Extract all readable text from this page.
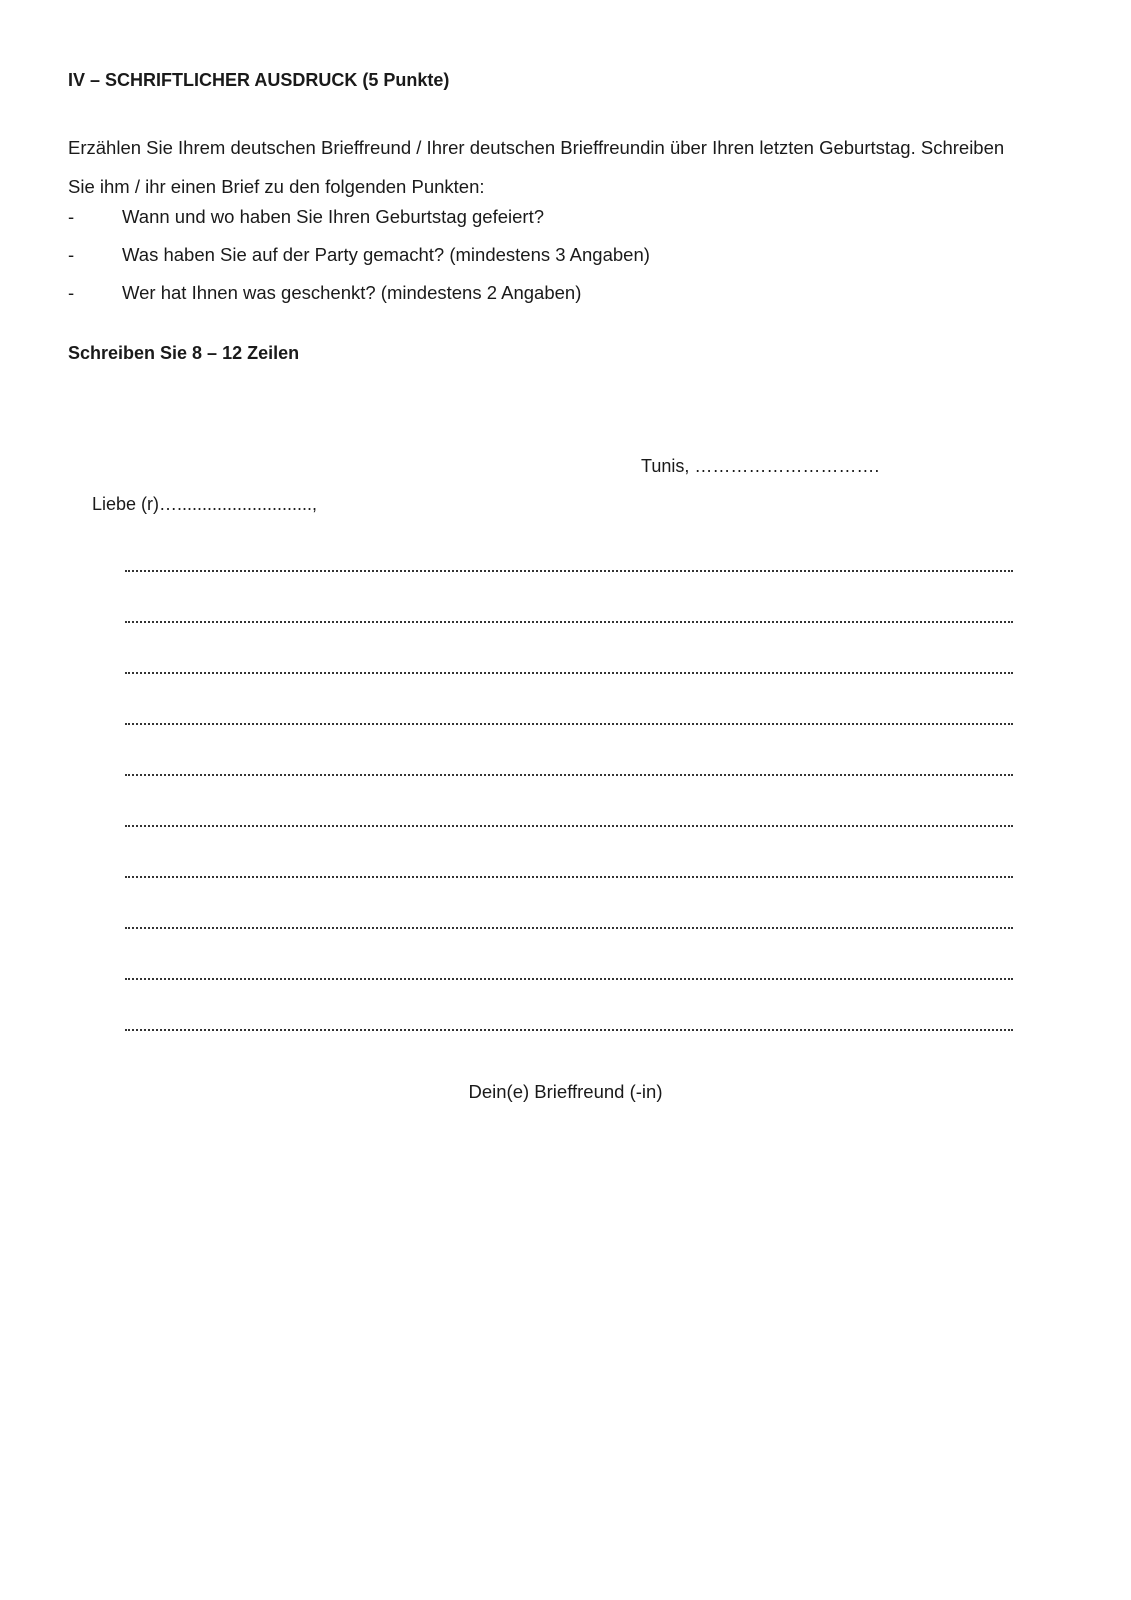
IV – SCHRIFTLICHER AUSDRUCK (5 Punkte)
Erzählen Sie Ihrem deutschen Brieffreund / Ihrer deutschen Brieffreundin über Ihren letzten Geburtstag. Schreiben
Sie ihm / ihr einen Brief zu den folgenden Punkten:
-	Wann und wo haben Sie Ihren Geburtstag gefeiert?
-	Was haben Sie auf der Party gemacht? (mindestens 3 Angaben)
-	Wer hat Ihnen was geschenkt? (mindestens 2 Angaben)
Schreiben Sie 8 – 12 Zeilen
Tunis, ………………………….
Liebe (r)…...........................,
Dein(e) Brieffreund (-in)
